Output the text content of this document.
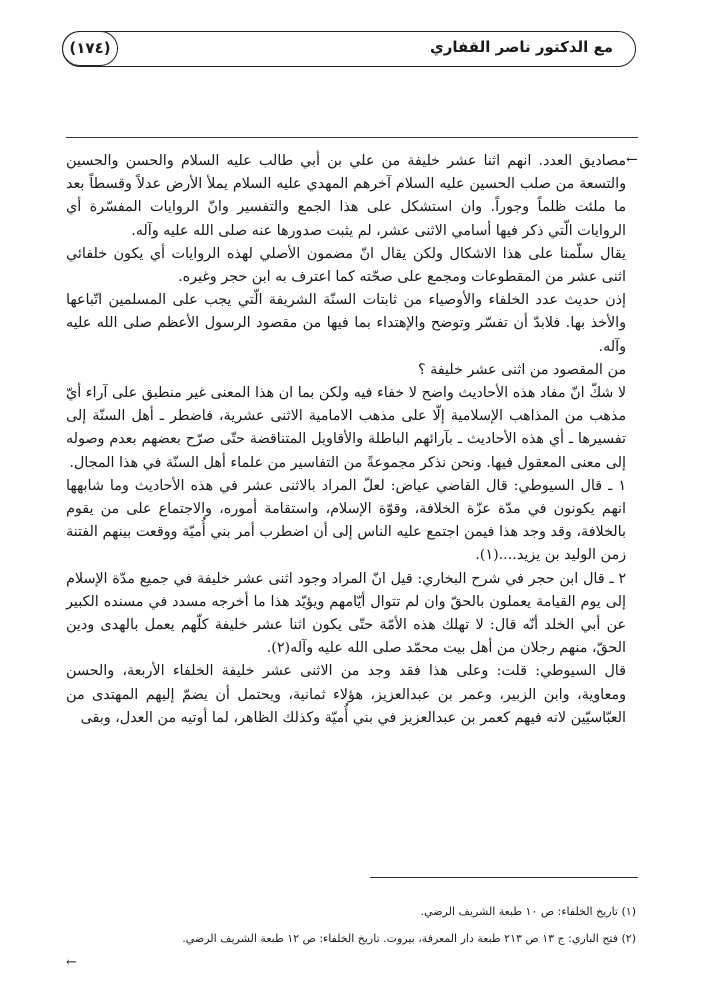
مع الدكتور ناصر القفاري
(١٧٤)
←

مصاديق العدد. انهم اثنا عشر خليفة من علي بن أبي طالب عليه السلام والحسن والحسين والتسعة من صلب الحسين عليه السلام آخرهم المهدي عليه السلام يملأ الأرض عدلاً وقسطاً بعد ما ملئت ظلماً وجوراً. وان استشكل على هذا الجمع والتفسير وانّ الروايات المفسّرة أي الروايات الّتي ذكر فيها أسامي الاثنى عشر، لم يثبت صدورها عنه صلى الله عليه وآله.

يقال سلّمنا على هذا الاشكال ولكن يقال انّ مضمون الأصلي لهذه الروايات أي يكون خلفائي اثنى عشر من المقطوعات ومجمع على صحّته كما اعترف به ابن حجر وغيره.

إذن حديث عدد الخلفاء والأوصياء من ثابتات السنّة الشريفة الّتي يجب على المسلمين اتّباعها والأخذ بها. فلابدّ أن تفسّر وتوضح والإهتداء بما فيها من مقصود الرسول الأعظم صلى الله عليه وآله.

من المقصود من اثنى عشر خليفة ؟

لا شكّ انّ مفاد هذه الأحاديث واضح لا خفاء فيه ولكن بما ان هذا المعنى غير منطبق على آراء أيّ مذهب من المذاهب الإسلامية إلّا على مذهب الامامية الاثنى عشرية، فاضطر ـ أهل السنّة إلى تفسيرها ـ أي هذه الأحاديث ـ بآرائهم الباطلة والأقاويل المتناقضة حتّى صرّح بعضهم بعدم وصوله إلى معنى المعقول فيها. ونحن نذكر مجموعةً من التفاسير من علماء أهل السنّة في هذا المجال.

١ ـ قال السيوطي: قال القاضي عياض: لعلّ المراد بالاثنى عشر في هذه الأحاديث وما شابهها انهم يكونون في مدّة عزّة الخلافة، وقوّة الإسلام، واستقامة أموره، والاجتماع على من يقوم بالخلافة، وقد وجد هذا فيمن اجتمع عليه الناس إلى أن اضطرب أمر بني أُميّة ووقعت بينهم الفتنة زمن الوليد بن يزيد....(١).

٢ ـ قال ابن حجر في شرح البخاري: قيل انّ المراد وجود اثنى عشر خليفة في جميع مدّة الإسلام إلى يوم القيامة يعملون بالحقّ وان لم تتوال أيّامهم ويؤيّد هذا ما أخرجه مسدد في مسنده الكبير عن أبي الخلد أنّه قال: لا تهلك هذه الأمّة حتّى يكون اثنا عشر خليفة كلّهم يعمل بالهدى ودين الحقّ، منهم رجلان من أهل بيت محمّد صلى الله عليه وآله(٢).

قال السيوطي: قلت: وعلى هذا فقد وجد من الاثنى عشر خليفة الخلفاء الأربعة، والحسن ومعاوية، وابن الزبير، وعمر بن عبدالعزيز، هؤلاء ثمانية، ويحتمل أن يضمّ إليهم المهتدى من العبّاسيّين لانه فيهم كعمر بن عبدالعزيز في بني أُميّة وكذلك الظاهر، لما أوتيه من العدل، وبقى

(١) تاريخ الخلفاء: ص ١٠ طبعة الشريف الرضي.

(٢) فتح الباري: ج ١٣ ص ٢١٣ طبعة دار المعرفة، بيروت. تاريخ الخلفاء: ص ١٢ طبعة الشريف الرضي.

←
